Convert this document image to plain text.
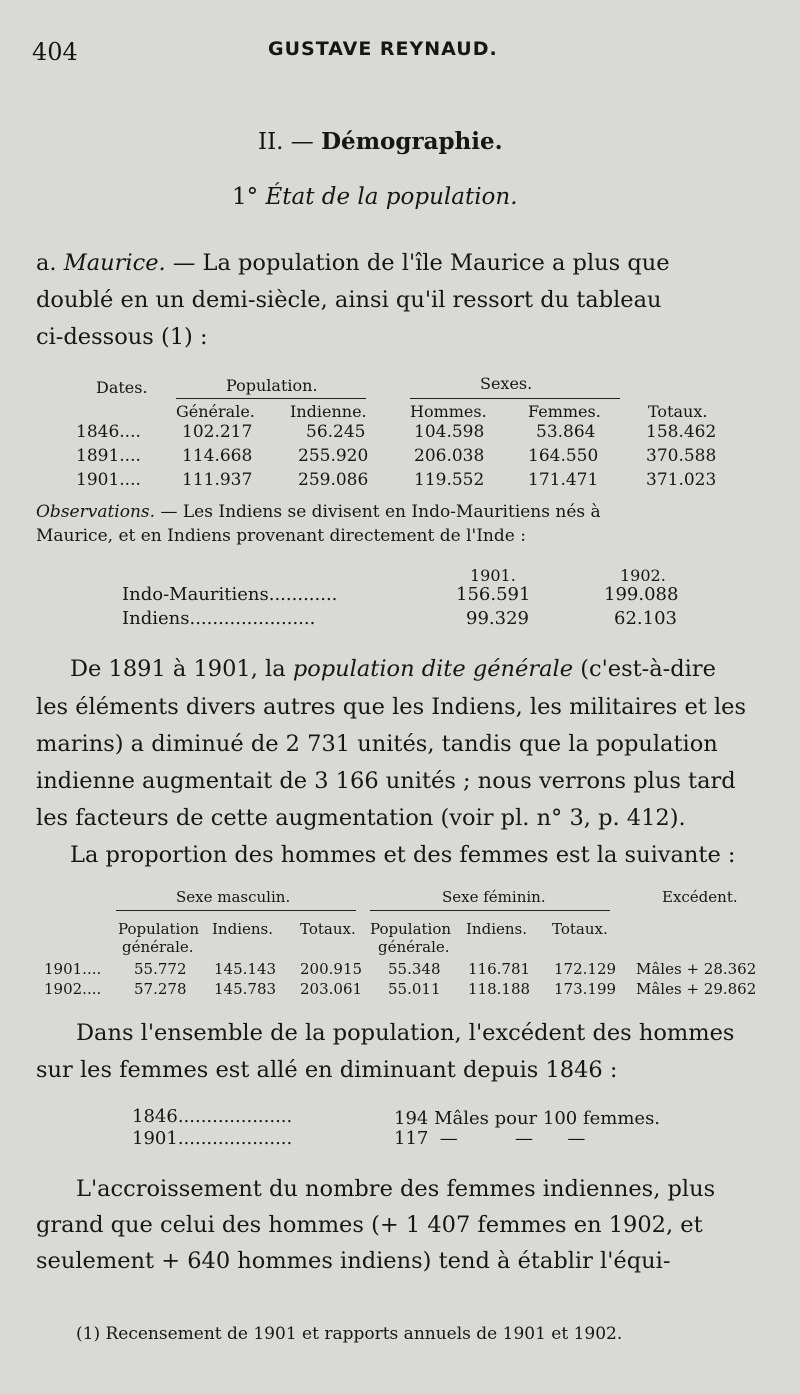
404	GUSTAVE REYNAUD.
II. — Démographie.
1° État de la population.
a. Maurice. — La population de l'île Maurice a plus que
doublé en un demi-siècle, ainsi qu'il ressort du tableau
ci-dessous (1) :
Dates.	Population.	Sexes.
Générale. Indienne.	Hommes.	Femmes.	Totaux.
1846.... 102.217	56.245	104.598	53.864	158.462
1891.... 114.668	255.920	206.038	164.550	370.588
1901.... 111.937	259.086	119.552	171.471	371.023
Observations. — Les Indiens se divisent en Indo-Mauritiens nés à
Maurice, et en Indiens provenant directement de l'Inde :
1901.	1902.
Indo-Mauritiens............	156.591	199.088
Indiens......................	99.329	62.103
De 1891 à 1901, la population dite générale (c'est-à-dire
les éléments divers autres que les Indiens, les militaires et les
marins) a diminué de 2 731 unités, tandis que la population
indienne augmentait de 3 166 unités ; nous verrons plus tard
les facteurs de cette augmentation (voir pl. n° 3, p. 412).
La proportion des hommes et des femmes est la suivante :
Sexe masculin.	Sexe féminin.	Excédent.
Population Indiens. Totaux. Population Indiens. Totaux.
générale.	générale.
1901.... 55.772 145.143 200.915 55.348 116.781 172.129 Mâles + 28.362
1902.... 57.278 145.783 203.061 55.011 118.188 173.199 Mâles + 29.862
Dans l'ensemble de la population, l'excédent des hommes
sur les femmes est allé en diminuant depuis 1846 :
1846....................	194 Mâles pour 100 femmes.
1901....................	117  —          —      —
L'accroissement du nombre des femmes indiennes, plus
grand que celui des hommes (+ 1 407 femmes en 1902, et
seulement + 640 hommes indiens) tend à établir l'équi-
(1) Recensement de 1901 et rapports annuels de 1901 et 1902.
